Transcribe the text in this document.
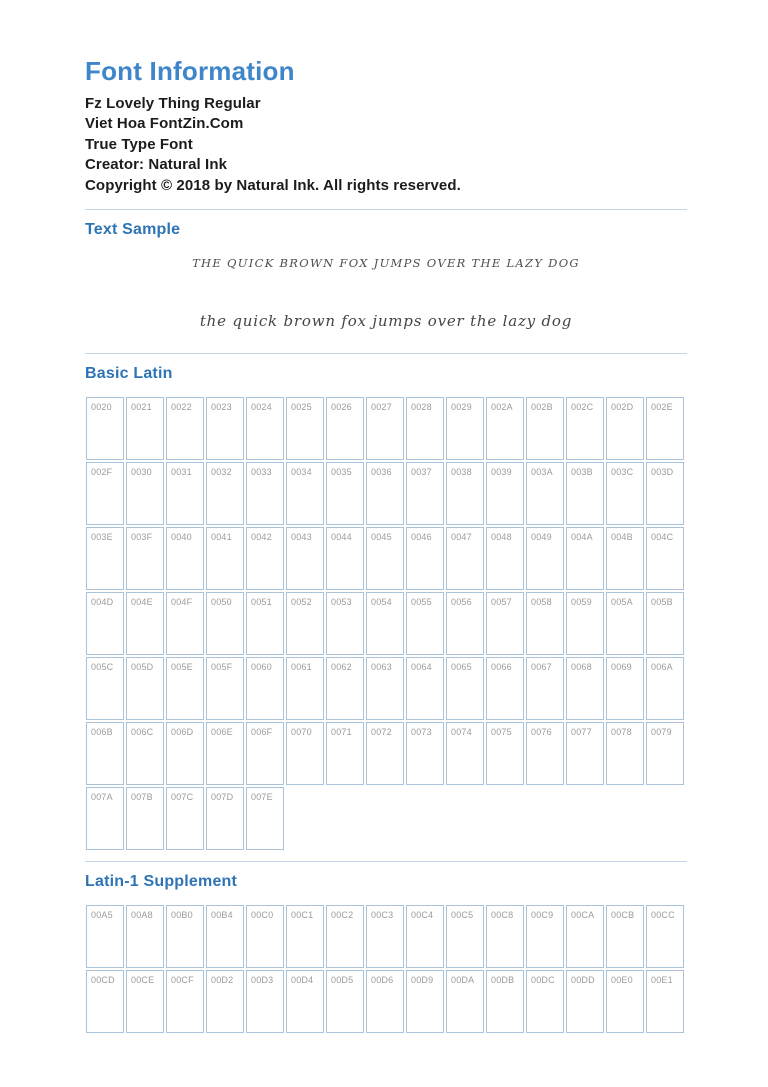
Font Information
Fz Lovely Thing Regular
Viet Hoa FontZin.Com
True Type Font
Creator: Natural Ink
Copyright © 2018 by Natural Ink. All rights reserved.
Text Sample
THE QUICK BROWN FOX JUMPS OVER THE LAZY DOG
the quick brown fox jumps over the lazy dog
Basic Latin
0020	0021	0022	0023	0024	0025	0026	0027	0028	0029	002A	002B	002C	002D	002E
002F	0030	0031	0032	0033	0034	0035	0036	0037	0038	0039	003A	003B	003C	003D
003E	003F	0040	0041	0042	0043	0044	0045	0046	0047	0048	0049	004A	004B	004C
004D	004E	004F	0050	0051	0052	0053	0054	0055	0056	0057	0058	0059	005A	005B
005C	005D	005E	005F	0060	0061	0062	0063	0064	0065	0066	0067	0068	0069	006A
006B	006C	006D	006E	006F	0070	0071	0072	0073	0074	0075	0076	0077	0078	0079
007A	007B	007C	007D	007E
Latin-1 Supplement
00A5	00A8	00B0	00B4	00C0	00C1	00C2	00C3	00C4	00C5	00C8	00C9	00CA	00CB	00CC
00CD	00CE	00CF	00D2	00D3	00D4	00D5	00D6	00D9	00DA	00DB	00DC	00DD	00E0	00E1
